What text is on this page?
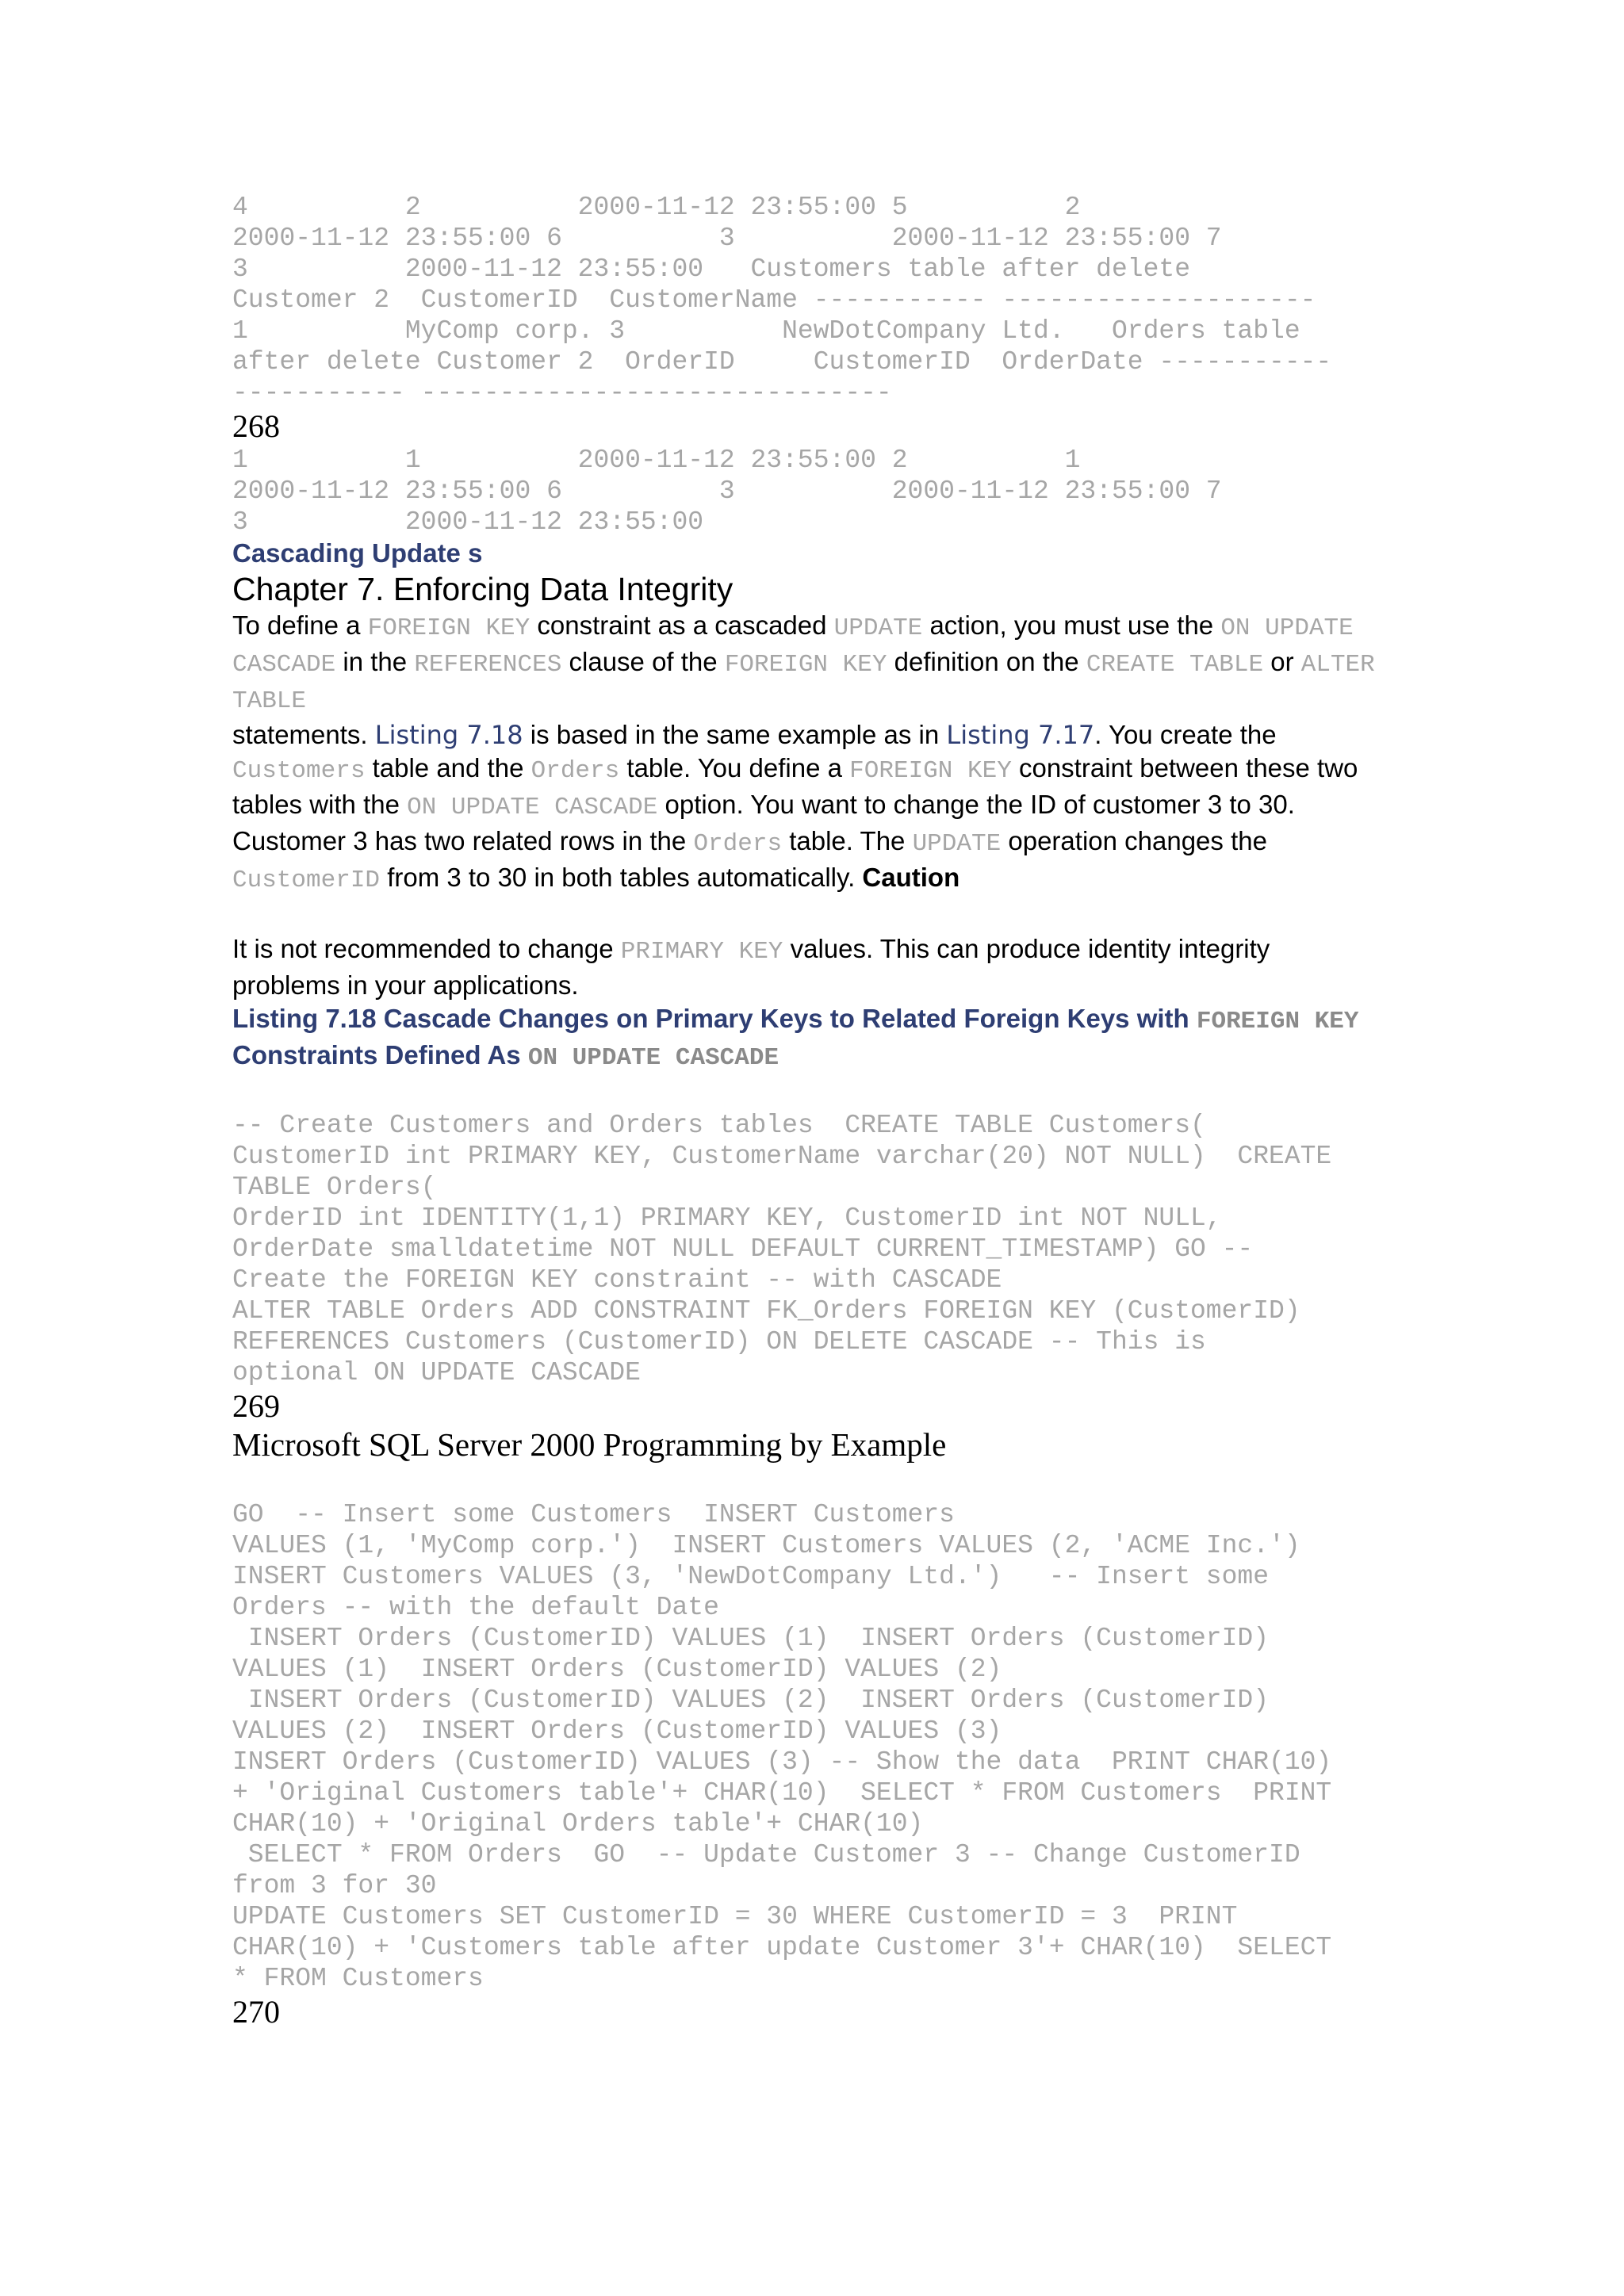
4          2          2000-11-12 23:55:00 5          2
2000-11-12 23:55:00 6          3          2000-11-12 23:55:00 7
3          2000-11-12 23:55:00   Customers table after delete
Customer 2  CustomerID  CustomerName ----------- --------------------
1          MyComp corp. 3          NewDotCompany Ltd.   Orders table
after delete Customer 2  OrderID     CustomerID  OrderDate -----------
----------- ------------------------------
268
1          1          2000-11-12 23:55:00 2          1
2000-11-12 23:55:00 6          3          2000-11-12 23:55:00 7
3          2000-11-12 23:55:00
Cascading Update s
Chapter 7. Enforcing Data Integrity
To define a FOREIGN KEY constraint as a cascaded UPDATE action, you must use the ON UPDATE CASCADE in the REFERENCES clause of the FOREIGN KEY definition on the CREATE TABLE or ALTER TABLE
statements. Listing 7.18 is based in the same example as in Listing 7.17. You create the Customers table and the Orders table. You define a FOREIGN KEY constraint between these two tables with the ON UPDATE CASCADE option. You want to change the ID of customer 3 to 30. Customer 3 has two related rows in the Orders table. The UPDATE operation changes the CustomerID from 3 to 30 in both tables automatically. Caution
It is not recommended to change PRIMARY KEY values. This can produce identity integrity problems in your applications.
Listing 7.18 Cascade Changes on Primary Keys to Related Foreign Keys with FOREIGN KEY Constraints Defined As ON UPDATE CASCADE
-- Create Customers and Orders tables  CREATE TABLE Customers(
CustomerID int PRIMARY KEY, CustomerName varchar(20) NOT NULL)  CREATE
TABLE Orders(
OrderID int IDENTITY(1,1) PRIMARY KEY, CustomerID int NOT NULL,
OrderDate smalldatetime NOT NULL DEFAULT CURRENT_TIMESTAMP) GO --
Create the FOREIGN KEY constraint -- with CASCADE
ALTER TABLE Orders ADD CONSTRAINT FK_Orders FOREIGN KEY (CustomerID)
REFERENCES Customers (CustomerID) ON DELETE CASCADE -- This is
optional ON UPDATE CASCADE
269
Microsoft SQL Server 2000 Programming by Example
GO  -- Insert some Customers  INSERT Customers
VALUES (1, 'MyComp corp.')  INSERT Customers VALUES (2, 'ACME Inc.')
INSERT Customers VALUES (3, 'NewDotCompany Ltd.')   -- Insert some
Orders -- with the default Date
INSERT Orders (CustomerID) VALUES (1)  INSERT Orders (CustomerID)
VALUES (1)  INSERT Orders (CustomerID) VALUES (2)
INSERT Orders (CustomerID) VALUES (2)  INSERT Orders (CustomerID)
VALUES (2)  INSERT Orders (CustomerID) VALUES (3)
INSERT Orders (CustomerID) VALUES (3) -- Show the data  PRINT CHAR(10)
+ 'Original Customers table'+ CHAR(10)  SELECT * FROM Customers  PRINT
CHAR(10) + 'Original Orders table'+ CHAR(10)
SELECT * FROM Orders  GO  -- Update Customer 3 -- Change CustomerID
from 3 for 30
UPDATE Customers SET CustomerID = 30 WHERE CustomerID = 3  PRINT
CHAR(10) + 'Customers table after update Customer 3'+ CHAR(10)  SELECT
* FROM Customers
270
